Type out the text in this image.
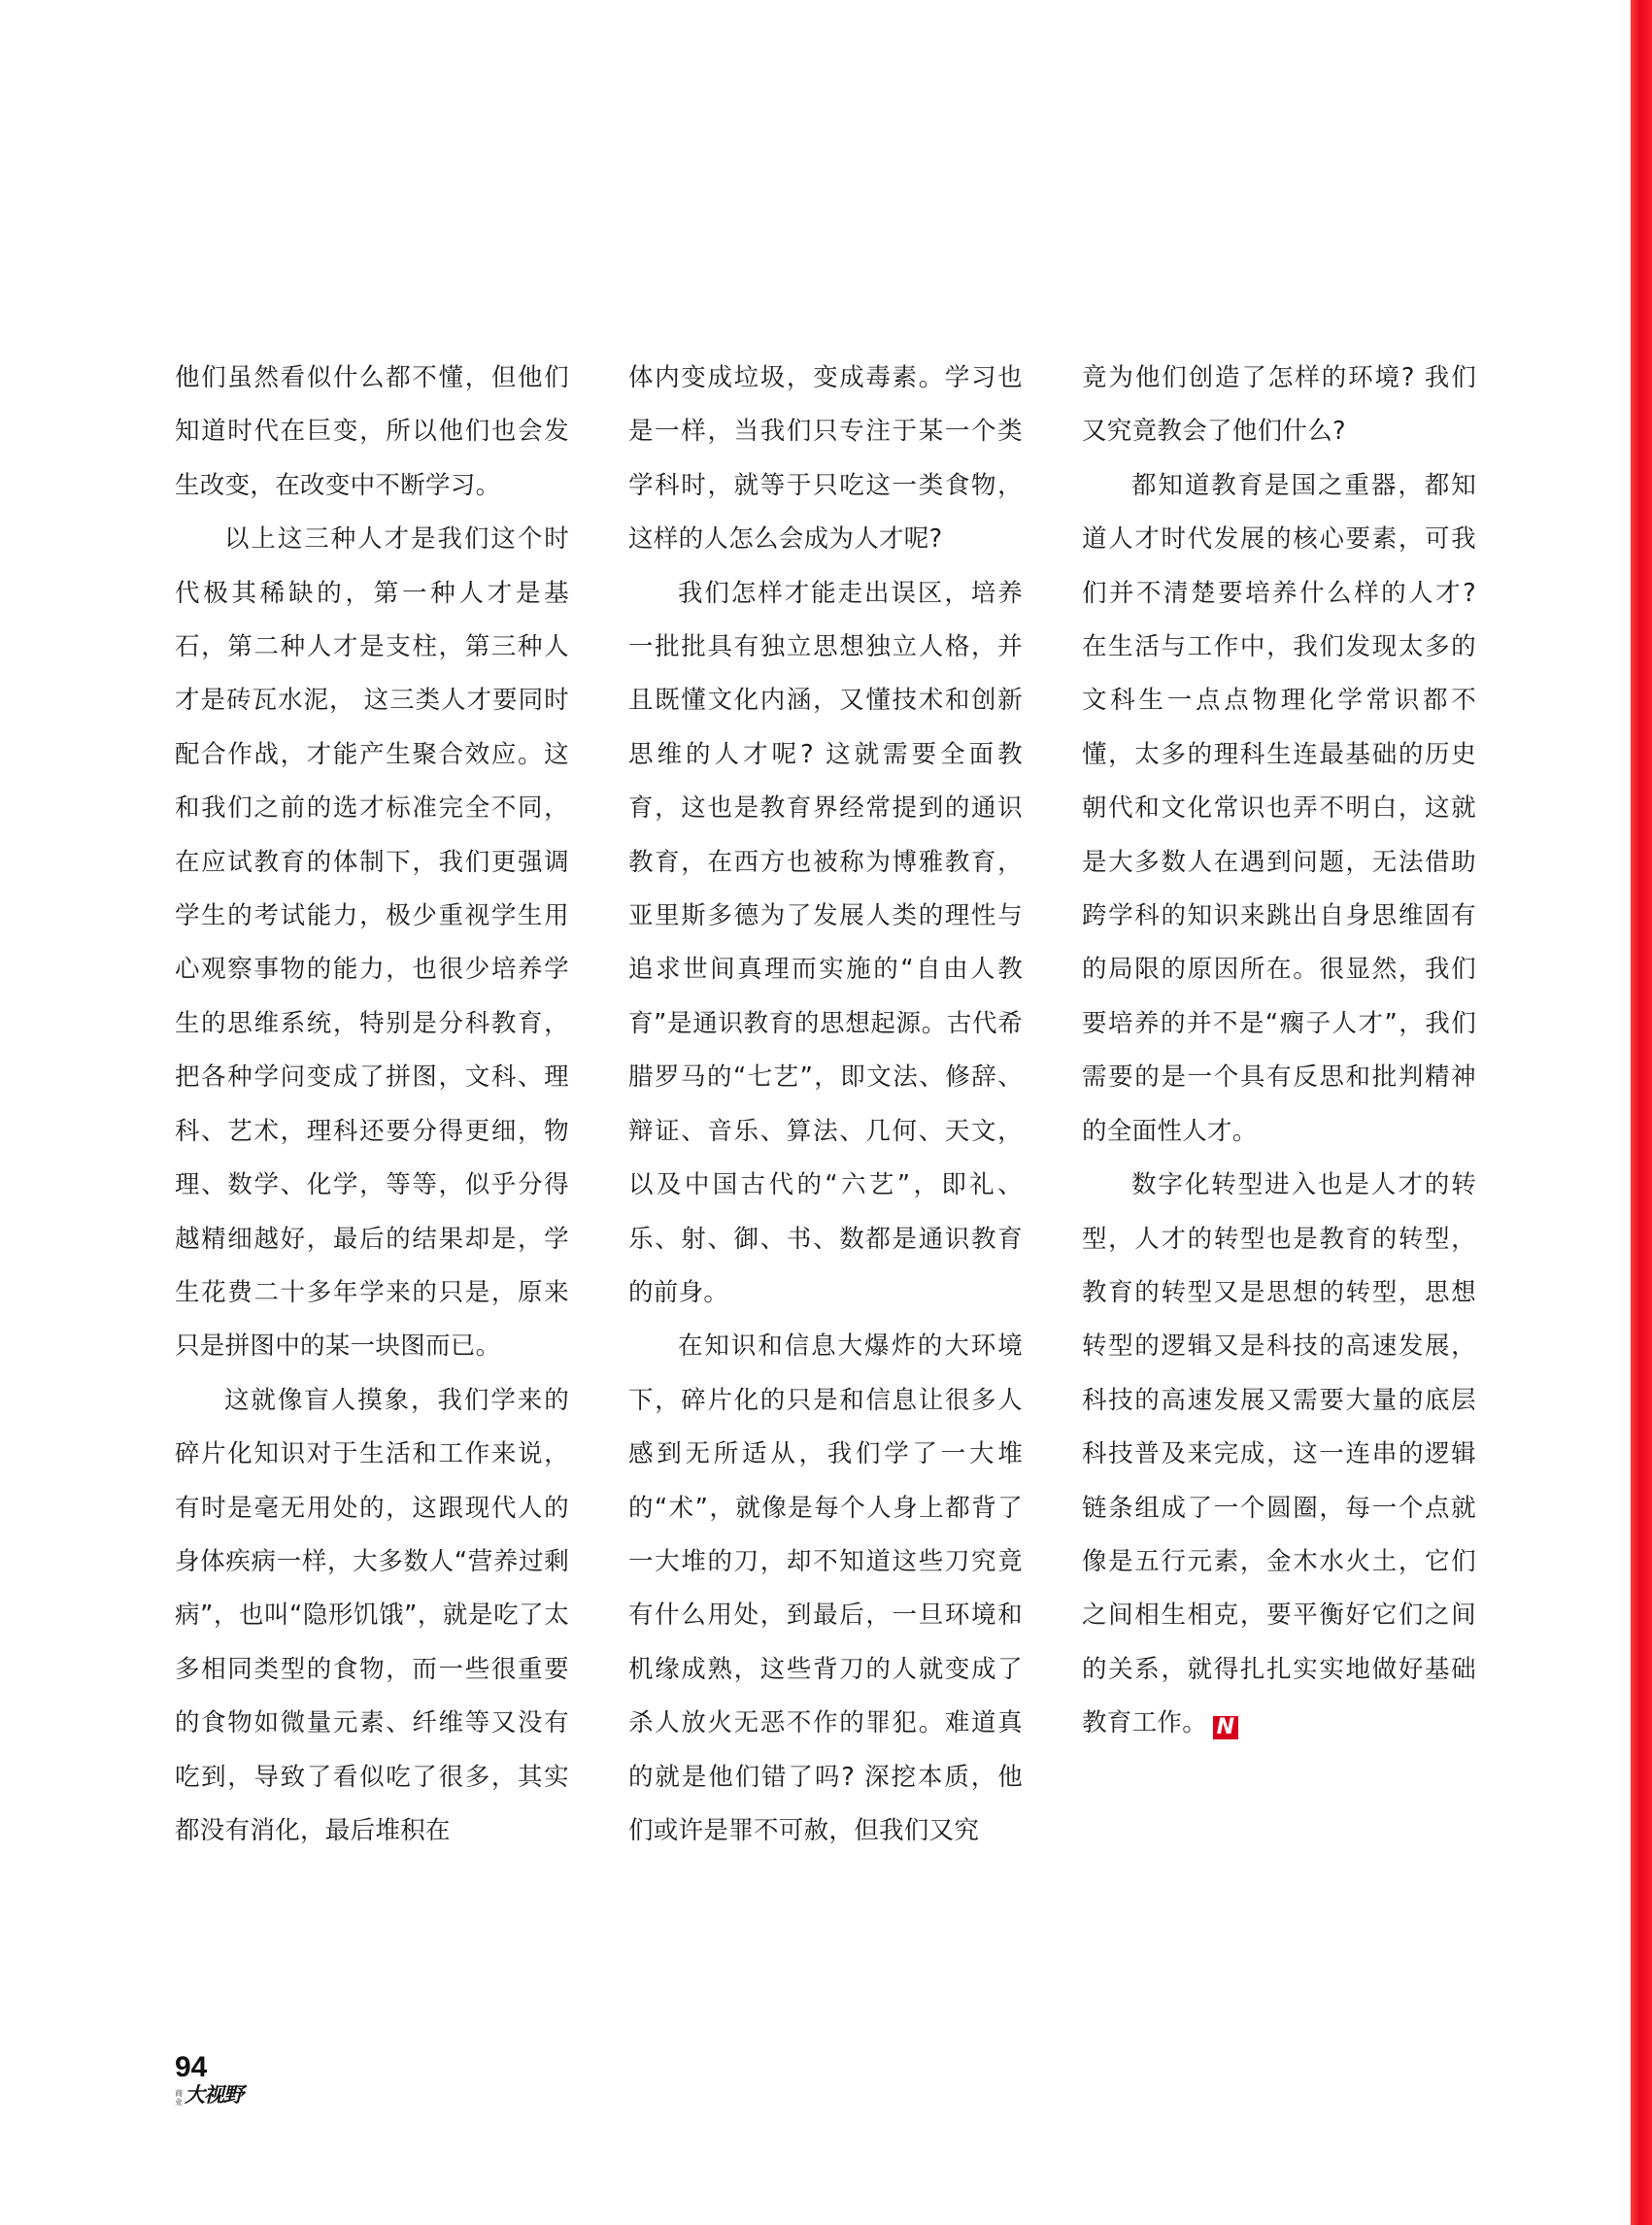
他们虽然看似什么都不懂，但他们知道时代在巨变，所以他们也会发生改变，在改变中不断学习。

以上这三种人才是我们这个时代极其稀缺的，第一种人才是基石，第二种人才是支柱，第三种人才是砖瓦水泥， 这三类人才要同时配合作战，才能产生聚合效应。这和我们之前的选才标准完全不同，在应试教育的体制下，我们更强调学生的考试能力，极少重视学生用心观察事物的能力，也很少培养学生的思维系统，特别是分科教育，把各种学问变成了拼图，文科、理科、艺术，理科还要分得更细，物理、数学、化学，等等，似乎分得越精细越好，最后的结果却是，学生花费二十多年学来的只是，原来只是拼图中的某一块图而已。

这就像盲人摸象，我们学来的碎片化知识对于生活和工作来说，有时是毫无用处的，这跟现代人的身体疾病一样，大多数人“营养过剩病”，也叫“隐形饥饿”，就是吃了太多相同类型的食物，而一些很重要的食物如微量元素、纤维等又没有吃到，导致了看似吃了很多，其实都没有消化，最后堆积在

体内变成垃圾，变成毒素。学习也是一样，当我们只专注于某一个类学科时，就等于只吃这一类食物，这样的人怎么会成为人才呢?

我们怎样才能走出误区，培养一批批具有独立思想独立人格，并且既懂文化内涵，又懂技术和创新思维的人才呢? 这就需要全面教育，这也是教育界经常提到的通识教育，在西方也被称为博雅教育，亚里斯多德为了发展人类的理性与追求世间真理而实施的“自由人教育”是通识教育的思想起源。古代希腊罗马的“七艺”，即文法、修辞、辩证、音乐、算法、几何、天文，以及中国古代的“六艺”，即礼、乐、射、御、书、数都是通识教育的前身。

在知识和信息大爆炸的大环境下，碎片化的只是和信息让很多人感到无所适从，我们学了一大堆的“术”，就像是每个人身上都背了一大堆的刀，却不知道这些刀究竟有什么用处，到最后，一旦环境和机缘成熟，这些背刀的人就变成了杀人放火无恶不作的罪犯。难道真的就是他们错了吗? 深挖本质，他们或许是罪不可赦，但我们又究

竟为他们创造了怎样的环境? 我们又究竟教会了他们什么?

都知道教育是国之重器，都知道人才时代发展的核心要素，可我们并不清楚要培养什么样的人才? 在生活与工作中，我们发现太多的文科生一点点物理化学常识都不懂，太多的理科生连最基础的历史朝代和文化常识也弄不明白，这就是大多数人在遇到问题，无法借助跨学科的知识来跳出自身思维固有的局限的原因所在。很显然，我们要培养的并不是“瘸子人才”，我们需要的是一个具有反思和批判精神的全面性人才。

数字化转型进入也是人才的转型，人才的转型也是教育的转型，教育的转型又是思想的转型，思想转型的逻辑又是科技的高速发展，科技的高速发展又需要大量的底层科技普及来完成，这一连串的逻辑链条组成了一个圆圈，每一个点就像是五行元素，金木水火土，它们之间相生相克，要平衡好它们之间的关系，就得扎扎实实地做好基础教育工作。 N

94
商业 大视野
